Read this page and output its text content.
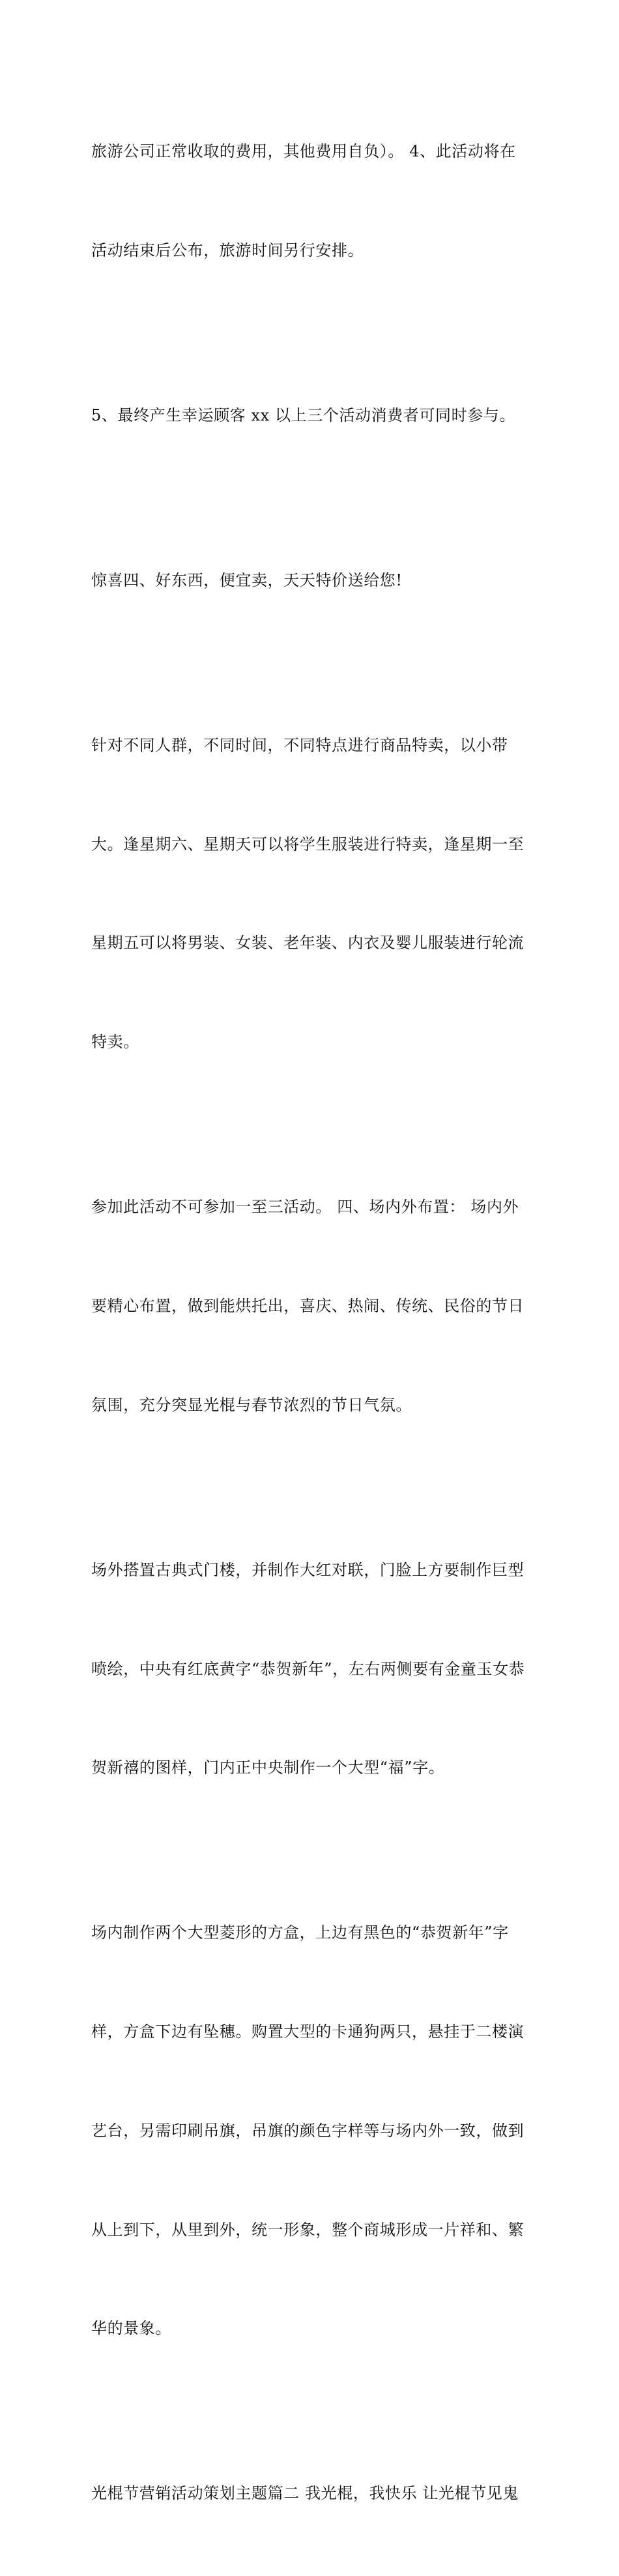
旅游公司正常收取的费用，其他费用自负）。 4、此活动将在

活动结束后公布，旅游时间另行安排。

5、最终产生幸运顾客 xx 以上三个活动消费者可同时参与。

惊喜四、好东西，便宜卖，天天特价送给您!

针对不同人群，不同时间，不同特点进行商品特卖，以小带

大。逢星期六、星期天可以将学生服装进行特卖，逢星期一至

星期五可以将男装、女装、老年装、内衣及婴儿服装进行轮流

特卖。

参加此活动不可参加一至三活动。 四、场内外布置： 场内外

要精心布置，做到能烘托出，喜庆、热闹、传统、民俗的节日

氛围，充分突显光棍与春节浓烈的节日气氛。

场外搭置古典式门楼，并制作大红对联，门脸上方要制作巨型

喷绘，中央有红底黄字“恭贺新年”，左右两侧要有金童玉女恭

贺新禧的图样，门内正中央制作一个大型“福”字。

场内制作两个大型菱形的方盒，上边有黑色的“恭贺新年”字

样，方盒下边有坠穗。购置大型的卡通狗两只，悬挂于二楼演

艺台，另需印刷吊旗，吊旗的颜色字样等与场内外一致，做到

从上到下，从里到外，统一形象，整个商城形成一片祥和、繁

华的景象。

光棍节营销活动策划主题篇二 我光棍，我快乐 让光棍节见鬼
